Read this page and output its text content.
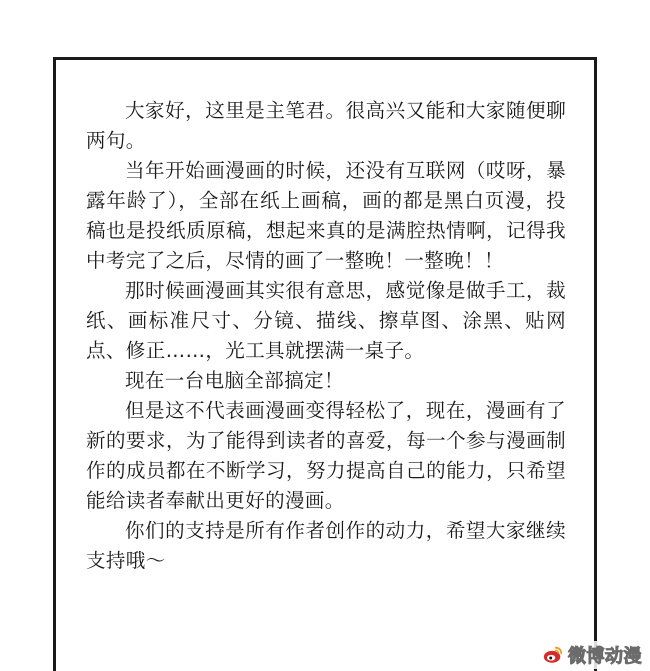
大家好，这里是主笔君。很高兴又能和大家随便聊两句。

当年开始画漫画的时候，还没有互联网（哎呀，暴露年龄了），全部在纸上画稿，画的都是黑白页漫，投稿也是投纸质原稿，想起来真的是满腔热情啊，记得我中考完了之后，尽情的画了一整晚！一整晚！！

那时候画漫画其实很有意思，感觉像是做手工，裁纸、画标准尺寸、分镜、描线、擦草图、涂黑、贴网点、修正……，光工具就摆满一桌子。

现在一台电脑全部搞定！

但是这不代表画漫画变得轻松了，现在，漫画有了新的要求，为了能得到读者的喜爱，每一个参与漫画制作的成员都在不断学习，努力提高自己的能力，只希望能给读者奉献出更好的漫画。

你们的支持是所有作者创作的动力，希望大家继续支持哦～

微博动漫
